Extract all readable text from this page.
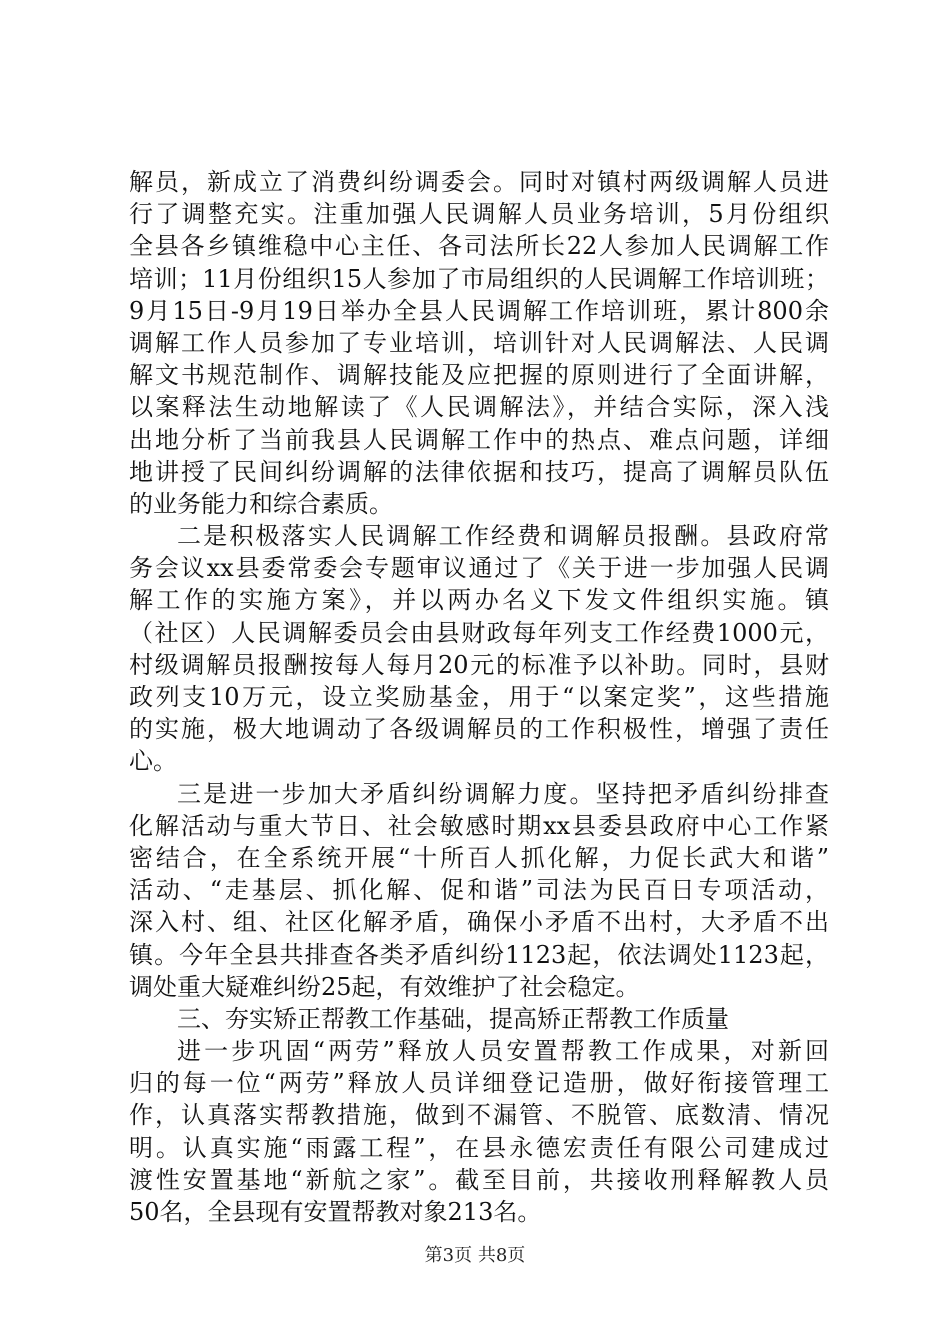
解员，新成立了消费纠纷调委会。同时对镇村两级调解人员进
行了调整充实。注重加强人民调解人员业务培训，5月份组织
全县各乡镇维稳中心主任、各司法所长22人参加人民调解工作
培训；11月份组织15人参加了市局组织的人民调解工作培训班；
9月15日-9月19日举办全县人民调解工作培训班，累计800余
调解工作人员参加了专业培训，培训针对人民调解法、人民调
解文书规范制作、调解技能及应把握的原则进行了全面讲解，
以案释法生动地解读了《人民调解法》，并结合实际，深入浅
出地分析了当前我县人民调解工作中的热点、难点问题，详细
地讲授了民间纠纷调解的法律依据和技巧，提高了调解员队伍
的业务能力和综合素质。
二是积极落实人民调解工作经费和调解员报酬。县政府常
务会议xx县委常委会专题审议通过了《关于进一步加强人民调
解工作的实施方案》，并以两办名义下发文件组织实施。镇
（社区）人民调解委员会由县财政每年列支工作经费1000元，
村级调解员报酬按每人每月20元的标准予以补助。同时，县财
政列支10万元，设立奖励基金，用于“以案定奖”，这些措施
的实施，极大地调动了各级调解员的工作积极性，增强了责任
心。
三是进一步加大矛盾纠纷调解力度。坚持把矛盾纠纷排查
化解活动与重大节日、社会敏感时期xx县委县政府中心工作紧
密结合，在全系统开展“十所百人抓化解，力促长武大和谐”
活动、“走基层、抓化解、促和谐”司法为民百日专项活动，
深入村、组、社区化解矛盾，确保小矛盾不出村，大矛盾不出
镇。今年全县共排查各类矛盾纠纷1123起，依法调处1123起，
调处重大疑难纠纷25起，有效维护了社会稳定。
三、夯实矫正帮教工作基础，提高矫正帮教工作质量
进一步巩固“两劳”释放人员安置帮教工作成果，对新回
归的每一位“两劳”释放人员详细登记造册，做好衔接管理工
作，认真落实帮教措施，做到不漏管、不脱管、底数清、情况
明。认真实施“雨露工程”，在县永德宏责任有限公司建成过
渡性安置基地“新航之家”。截至目前，共接收刑释解教人员
50名，全县现有安置帮教对象213名。
第3页 共8页
